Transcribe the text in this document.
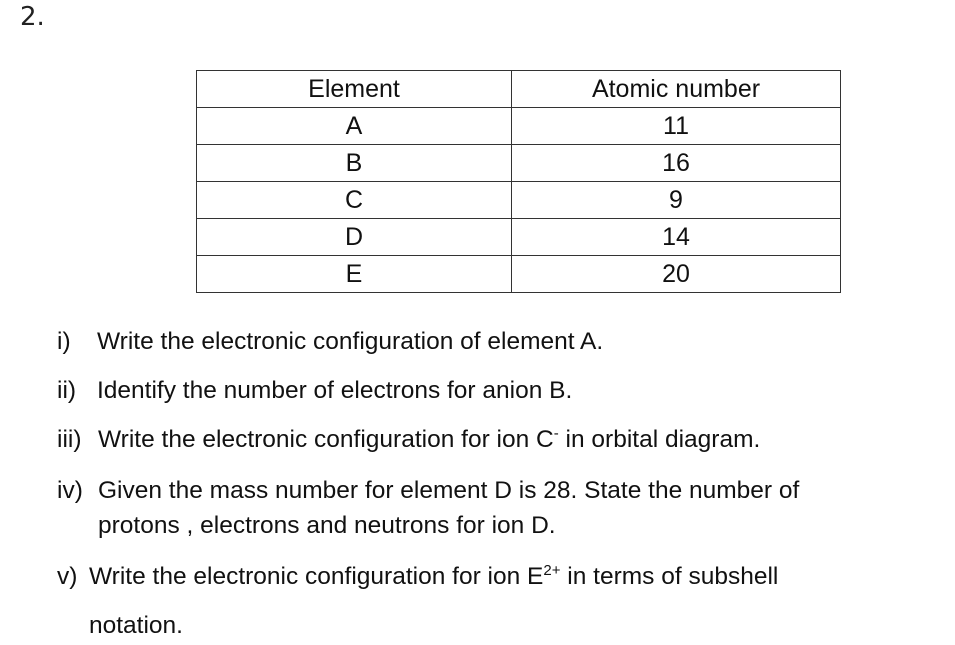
2.
Element	Atomic number
A	11
B	16
C	9
D	14
E	20
i) Write the electronic configuration of element A.
ii) Identify the number of electrons for anion B.
iii) Write the electronic configuration for ion C- in orbital diagram.
iv) Given the mass number for element D is 28. State the number of
protons , electrons and neutrons for ion D.
v) Write the electronic configuration for ion $E^{2+}$ in terms of subshell
notation.
